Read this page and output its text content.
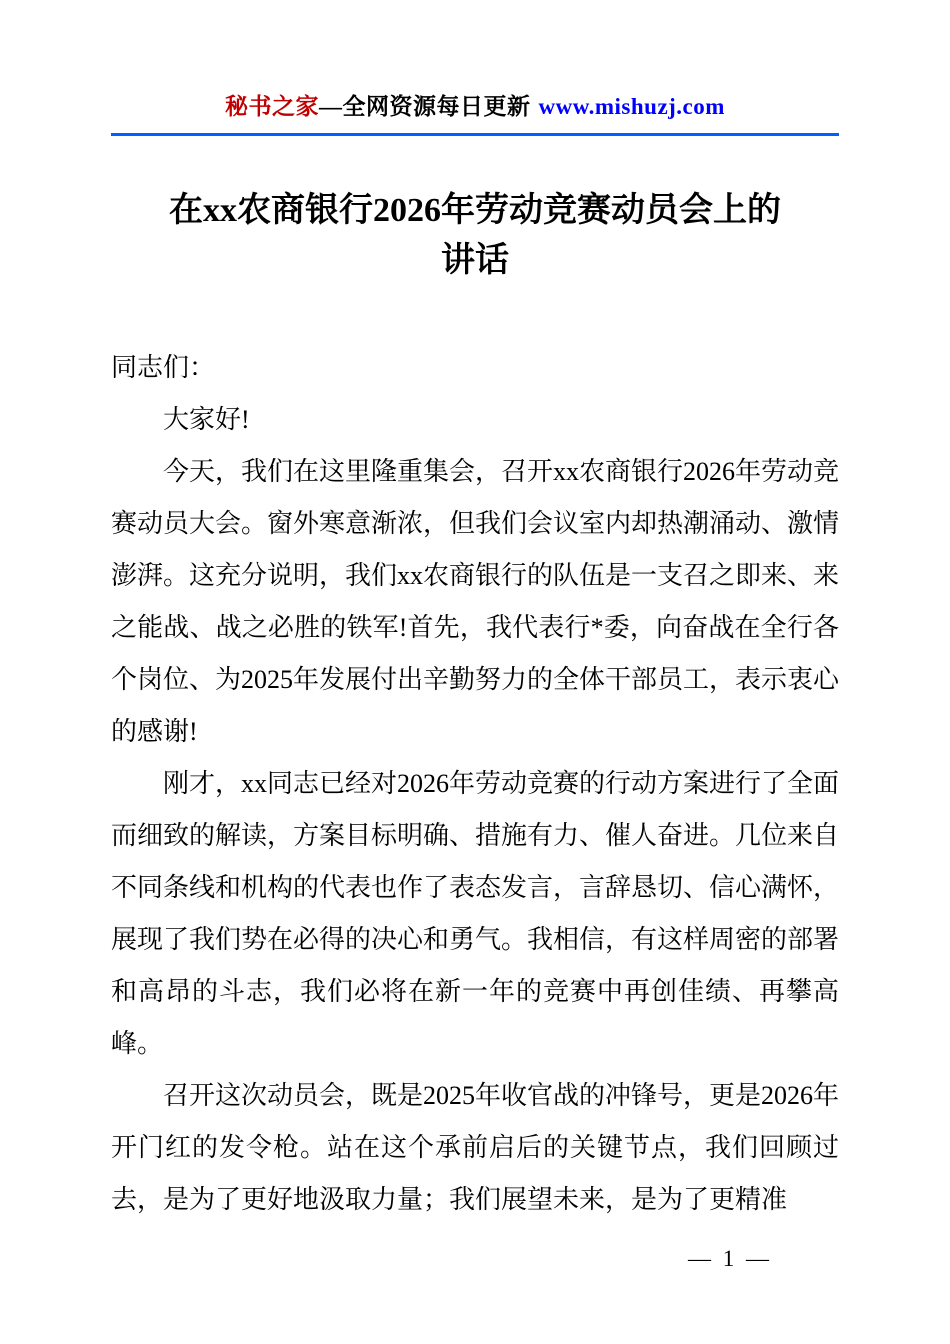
秘书之家—全网资源每日更新 www.mishuzj.com
在xx农商银行2026年劳动竞赛动员会上的
讲话

同志们：

大家好!

今天，我们在这里隆重集会，召开xx农商银行2026年劳动竞赛动员大会。窗外寒意渐浓，但我们会议室内却热潮涌动、激情澎湃。这充分说明，我们xx农商银行的队伍是一支召之即来、来之能战、战之必胜的铁军!首先，我代表行*委，向奋战在全行各个岗位、为2025年发展付出辛勤努力的全体干部员工，表示衷心的感谢!

刚才，xx同志已经对2026年劳动竞赛的行动方案进行了全面而细致的解读，方案目标明确、措施有力、催人奋进。几位来自不同条线和机构的代表也作了表态发言，言辞恳切、信心满怀，展现了我们势在必得的决心和勇气。我相信，有这样周密的部署和高昂的斗志，我们必将在新一年的竞赛中再创佳绩、再攀高峰。

召开这次动员会，既是2025年收官战的冲锋号，更是2026年开门红的发令枪。站在这个承前启后的关键节点，我们回顾过去，是为了更好地汲取力量；我们展望未来，是为了更精准

— 1 —
